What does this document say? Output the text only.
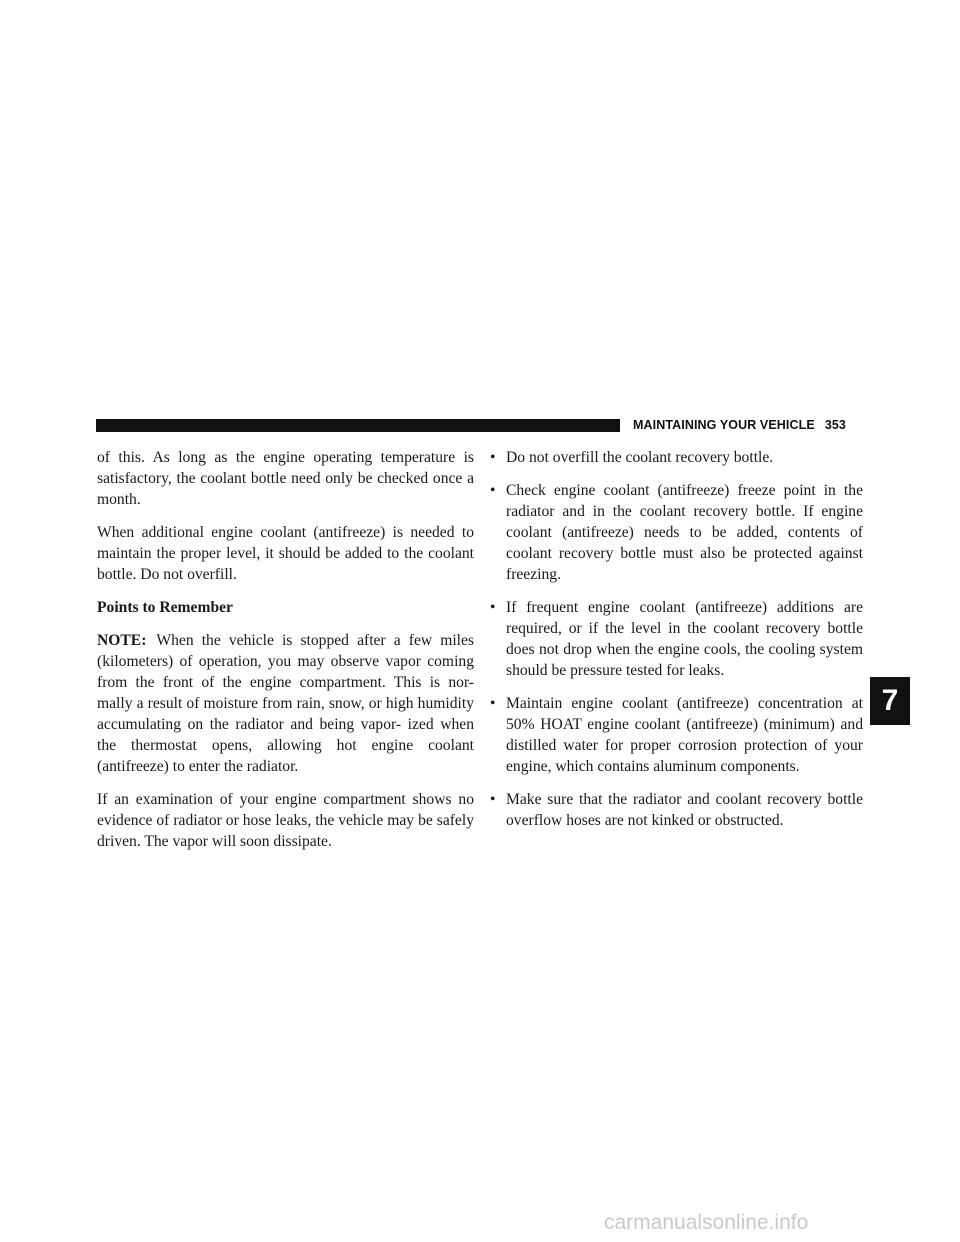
MAINTAINING YOUR VEHICLE 353

of this. As long as the engine operating temperature is satisfactory, the coolant bottle need only be checked once a month.

When additional engine coolant (antifreeze) is needed to maintain the proper level, it should be added to the coolant bottle. Do not overfill.

Points to Remember

NOTE: When the vehicle is stopped after a few miles (kilometers) of operation, you may observe vapor coming from the front of the engine compartment. This is nor- mally a result of moisture from rain, snow, or high humidity accumulating on the radiator and being vapor- ized when the thermostat opens, allowing hot engine coolant (antifreeze) to enter the radiator.

If an examination of your engine compartment shows no evidence of radiator or hose leaks, the vehicle may be safely driven. The vapor will soon dissipate.

• Do not overfill the coolant recovery bottle.
• Check engine coolant (antifreeze) freeze point in the radiator and in the coolant recovery bottle. If engine coolant (antifreeze) needs to be added, contents of coolant recovery bottle must also be protected against freezing.
• If frequent engine coolant (antifreeze) additions are required, or if the level in the coolant recovery bottle does not drop when the engine cools, the cooling system should be pressure tested for leaks.
• Maintain engine coolant (antifreeze) concentration at 50% HOAT engine coolant (antifreeze) (minimum) and distilled water for proper corrosion protection of your engine, which contains aluminum components.
• Make sure that the radiator and coolant recovery bottle overflow hoses are not kinked or obstructed.
7
carmanualsonline.info
